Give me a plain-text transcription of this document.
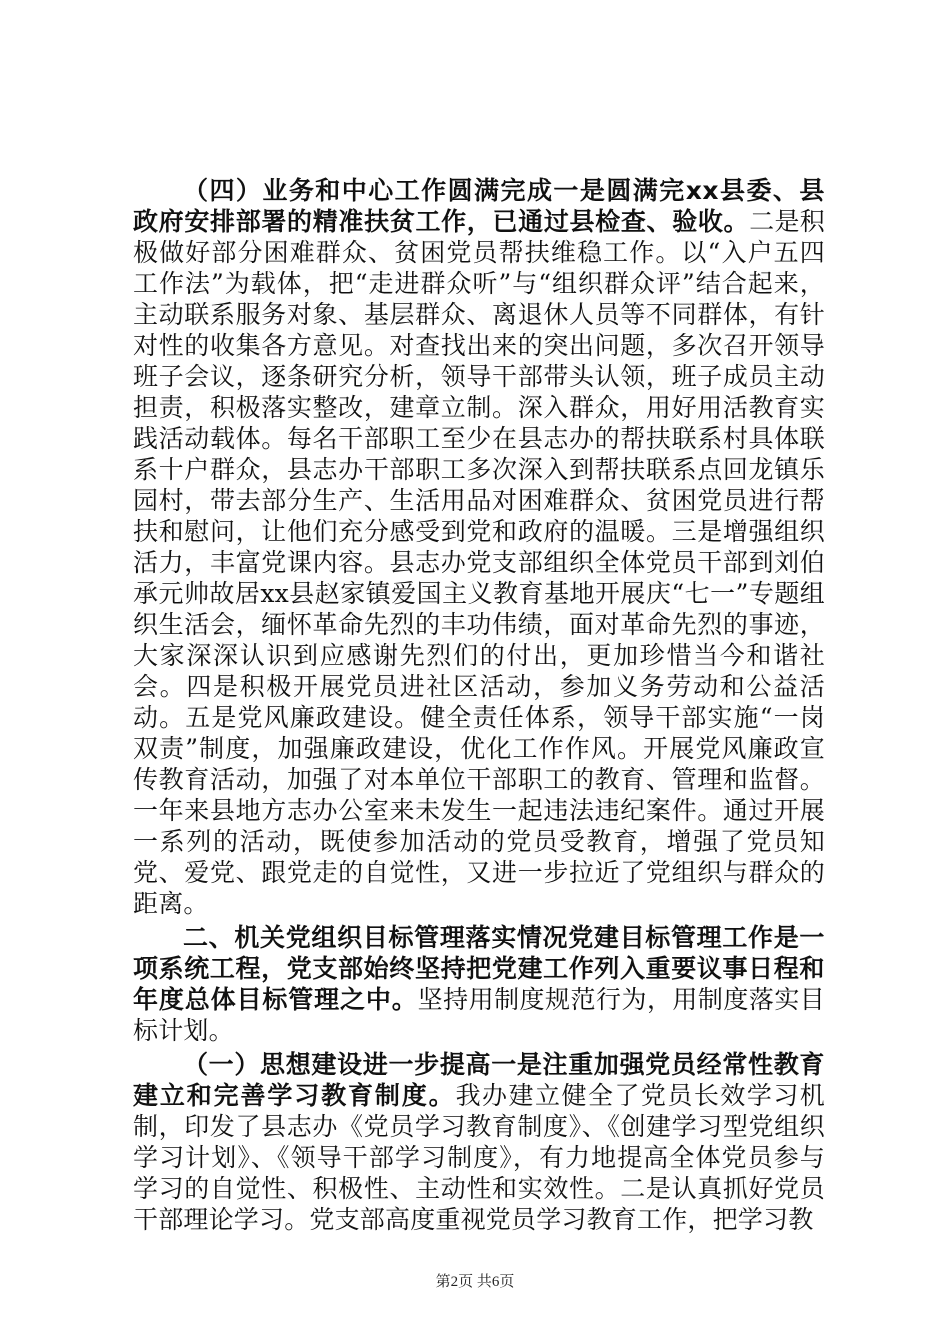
（四）业务和中心工作圆满完成一是圆满完xx县委、县政府安排部署的精准扶贫工作，已通过县检查、验收。二是积极做好部分困难群众、贫困党员帮扶维稳工作。以“入户五四工作法”为载体，把“走进群众听”与“组织群众评”结合起来，主动联系服务对象、基层群众、离退休人员等不同群体，有针对性的收集各方意见。对查找出来的突出问题，多次召开领导班子会议，逐条研究分析，领导干部带头认领，班子成员主动担责，积极落实整改，建章立制。深入群众，用好用活教育实践活动载体。每名干部职工至少在县志办的帮扶联系村具体联系十户群众，县志办干部职工多次深入到帮扶联系点回龙镇乐园村，带去部分生产、生活用品对困难群众、贫困党员进行帮扶和慰问，让他们充分感受到党和政府的温暖。三是增强组织活力，丰富党课内容。县志办党支部组织全体党员干部到刘伯承元帅故居xx县赵家镇爱国主义教育基地开展庆“七一”专题组织生活会，缅怀革命先烈的丰功伟绩，面对革命先烈的事迹，大家深深认识到应感谢先烈们的付出，更加珍惜当今和谐社会。四是积极开展党员进社区活动，参加义务劳动和公益活动。五是党风廉政建设。健全责任体系，领导干部实施“一岗双责”制度，加强廉政建设，优化工作作风。开展党风廉政宣传教育活动，加强了对本单位干部职工的教育、管理和监督。一年来县地方志办公室来未发生一起违法违纪案件。通过开展一系列的活动，既使参加活动的党员受教育，增强了党员知党、爱党、跟党走的自觉性，又进一步拉近了党组织与群众的距离。

二、机关党组织目标管理落实情况党建目标管理工作是一项系统工程，党支部始终坚持把党建工作列入重要议事日程和年度总体目标管理之中。坚持用制度规范行为，用制度落实目标计划。

（一）思想建设进一步提高一是注重加强党员经常性教育建立和完善学习教育制度。我办建立健全了党员长效学习机制，印发了县志办《党员学习教育制度》、《创建学习型党组织学习计划》、《领导干部学习制度》，有力地提高全体党员参与学习的自觉性、积极性、主动性和实效性。二是认真抓好党员干部理论学习。党支部高度重视党员学习教育工作，把学习教

第2页 共6页
